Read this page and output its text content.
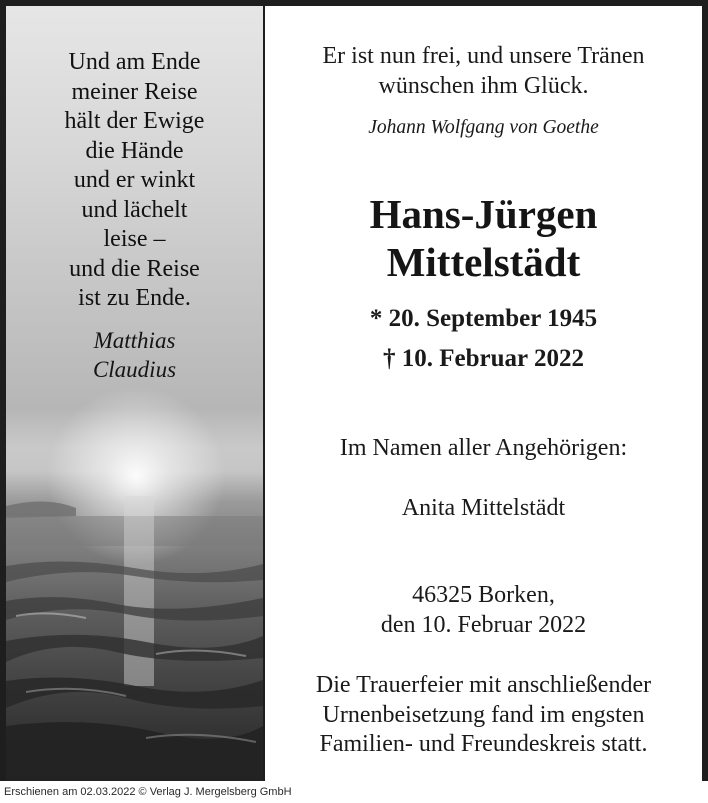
Und am Ende
meiner Reise
hält der Ewige
die Hände
und er winkt
und lächelt
leise –
und die Reise
ist zu Ende.
Matthias
Claudius
Er ist nun frei, und unsere Tränen
wünschen ihm Glück.
Johann Wolfgang von Goethe
Hans-Jürgen
Mittelstädt
* 20. September 1945
† 10. Februar 2022
Im Namen aller Angehörigen:
Anita Mittelstädt
46325 Borken,
den 10. Februar 2022
Die Trauerfeier mit anschließender
Urnenbeisetzung fand im engsten
Familien- und Freundeskreis statt.
Erschienen am 02.03.2022 © Verlag J. Mergelsberg GmbH
